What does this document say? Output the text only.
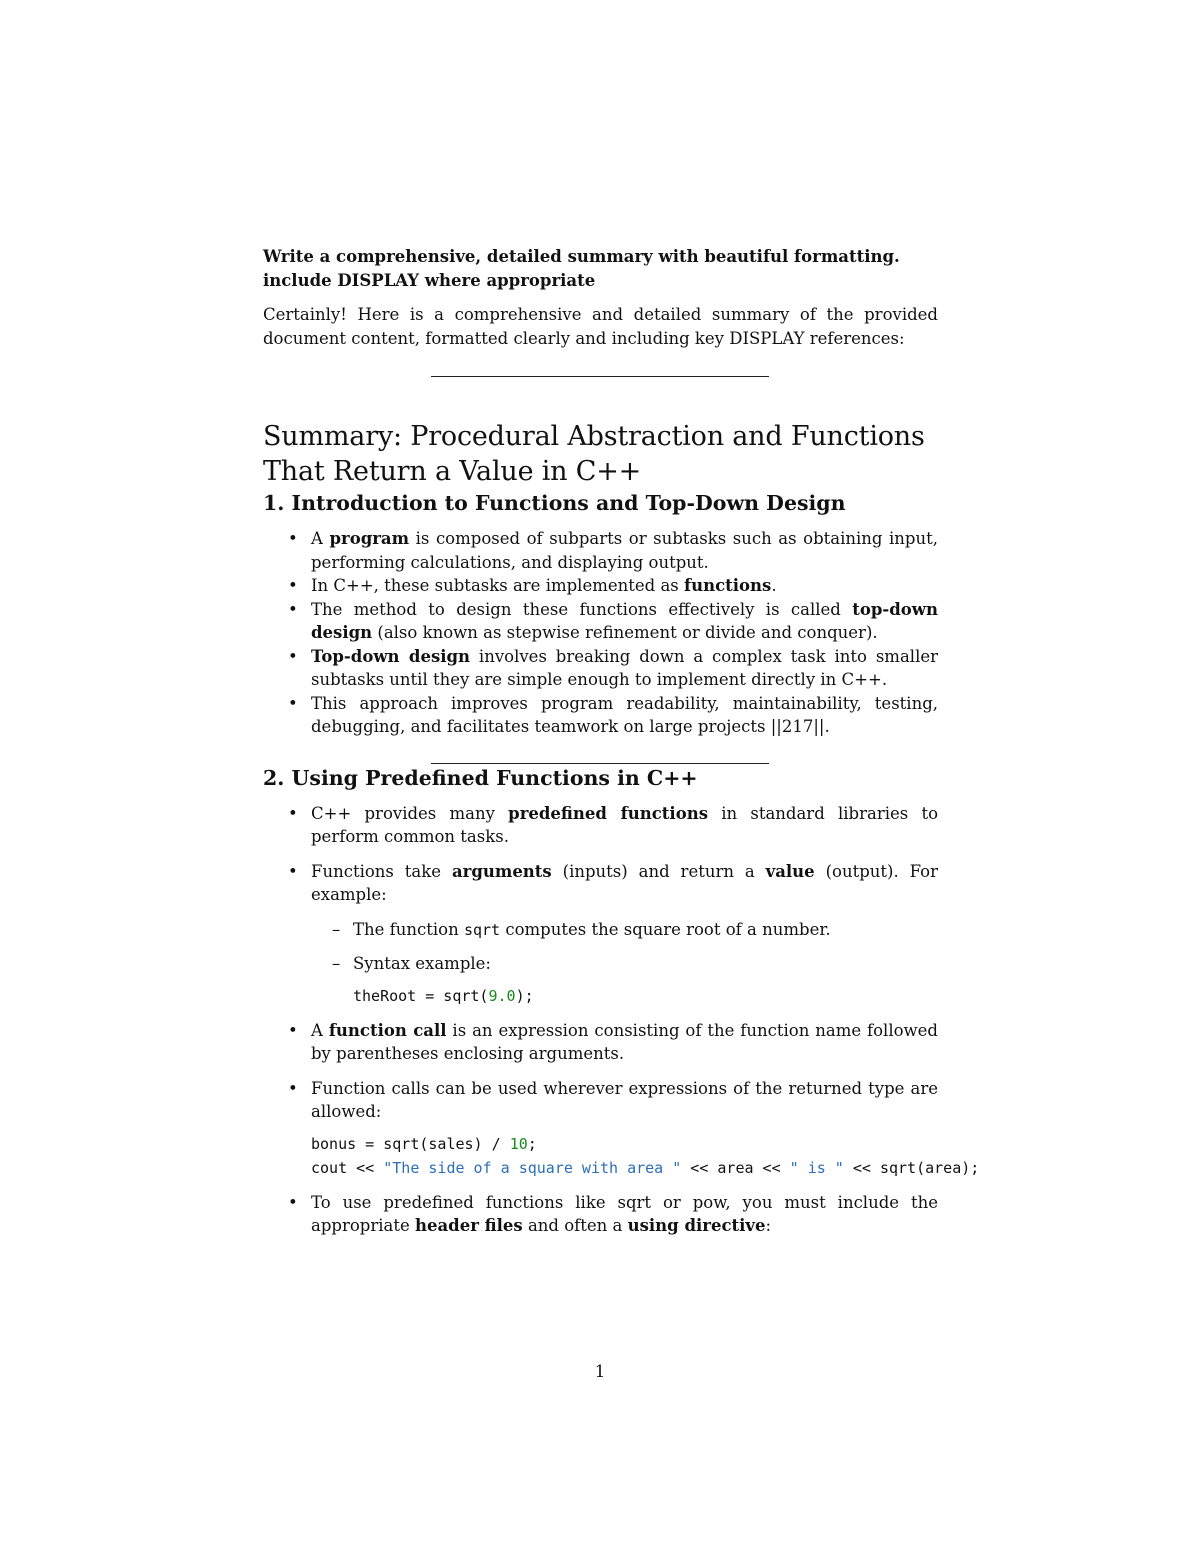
Write a comprehensive, detailed summary with beautiful formatting.
include DISPLAY where appropriate

Certainly! Here is a comprehensive and detailed summary of the provided document content, formatted clearly and including key DISPLAY references:

Summary: Procedural Abstraction and Functions That Return a Value in C++
1. Introduction to Functions and Top-Down Design
• A program is composed of subparts or subtasks such as obtaining input, performing calculations, and displaying output.
• In C++, these subtasks are implemented as functions.
• The method to design these functions effectively is called top-down design (also known as stepwise refinement or divide and conquer).
• Top-down design involves breaking down a complex task into smaller subtasks until they are simple enough to implement directly in C++.
• This approach improves program readability, maintainability, testing, debugging, and facilitates teamwork on large projects ||217||.
2. Using Predefined Functions in C++
• C++ provides many predefined functions in standard libraries to perform common tasks.
• Functions take arguments (inputs) and return a value (output). For example:
– The function sqrt computes the square root of a number.
– Syntax example:
theRoot = sqrt(9.0);
• A function call is an expression consisting of the function name followed by parentheses enclosing arguments.
• Function calls can be used wherever expressions of the returned type are allowed:
bonus = sqrt(sales) / 10;
cout << "The side of a square with area " << area << " is " << sqrt(area);
• To use predefined functions like sqrt or pow, you must include the appropriate header files and often a using directive:
1
